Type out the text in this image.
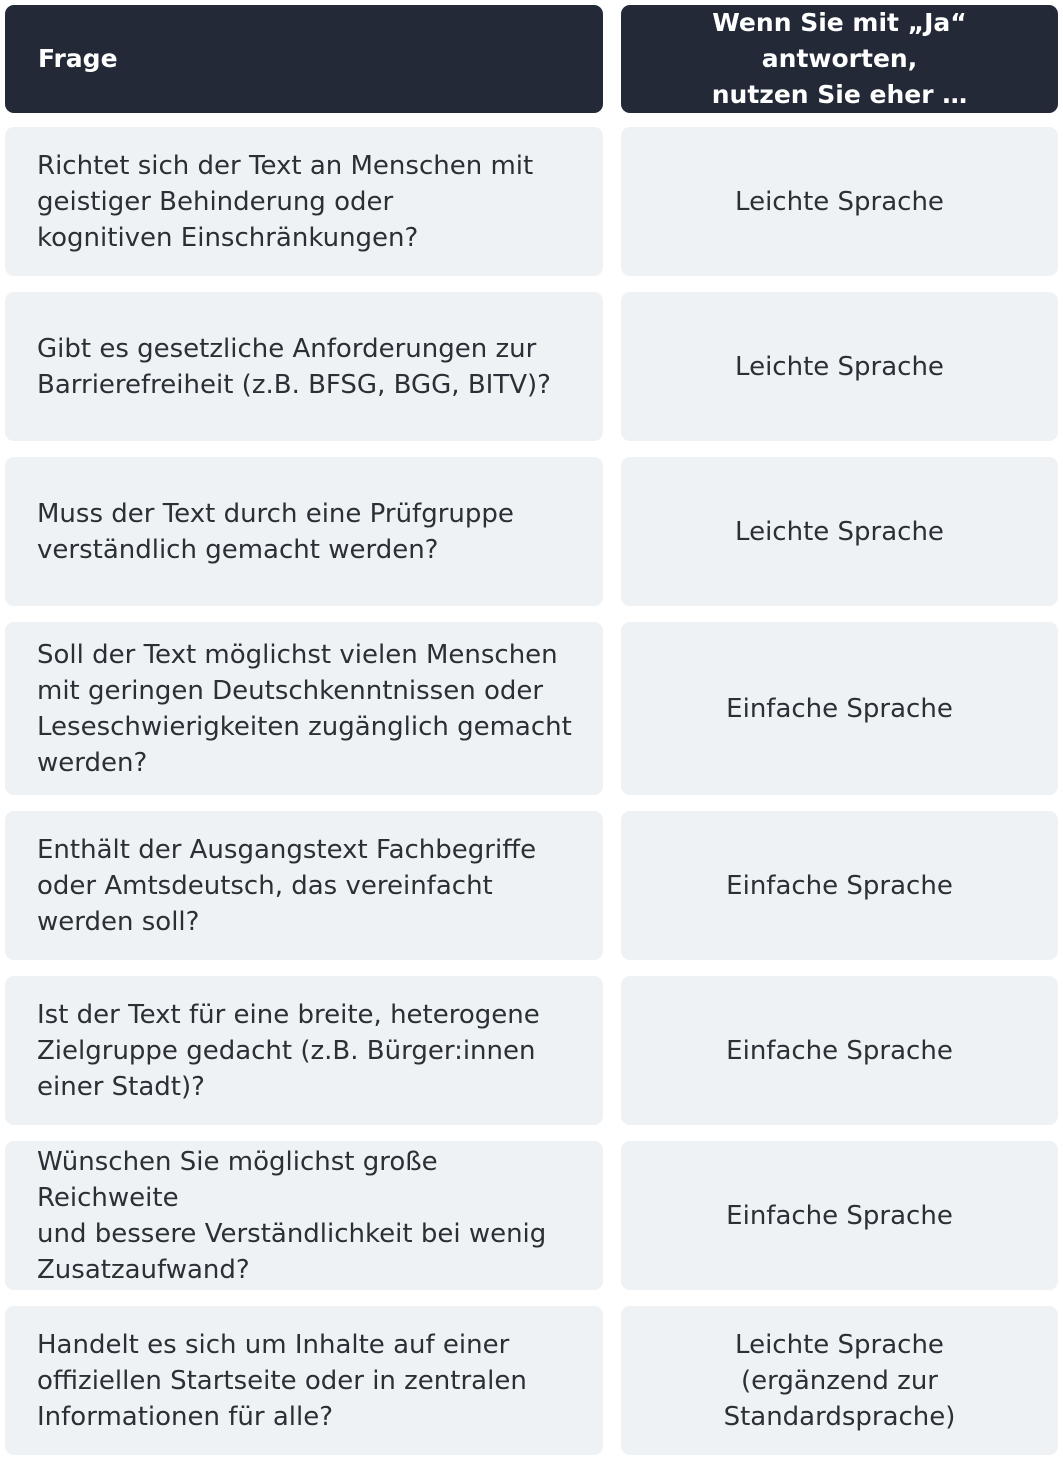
Frage
Wenn Sie mit „Ja“ antworten,
nutzen Sie eher …
Richtet sich der Text an Menschen mit
geistiger Behinderung oder
kognitiven Einschränkungen?
Leichte Sprache
Gibt es gesetzliche Anforderungen zur
Barrierefreiheit (z.B. BFSG, BGG, BITV)?
Leichte Sprache
Muss der Text durch eine Prüfgruppe
verständlich gemacht werden?
Leichte Sprache
Soll der Text möglichst vielen Menschen
mit geringen Deutschkenntnissen oder
Leseschwierigkeiten zugänglich gemacht
werden?
Einfache Sprache
Enthält der Ausgangstext Fachbegriffe
oder Amtsdeutsch, das vereinfacht
werden soll?
Einfache Sprache
Ist der Text für eine breite, heterogene
Zielgruppe gedacht (z.B. Bürger:innen
einer Stadt)?
Einfache Sprache
Wünschen Sie möglichst große Reichweite
und bessere Verständlichkeit bei wenig
Zusatzaufwand?
Einfache Sprache
Handelt es sich um Inhalte auf einer
offiziellen Startseite oder in zentralen
Informationen für alle?
Leichte Sprache
(ergänzend zur
Standardsprache)
